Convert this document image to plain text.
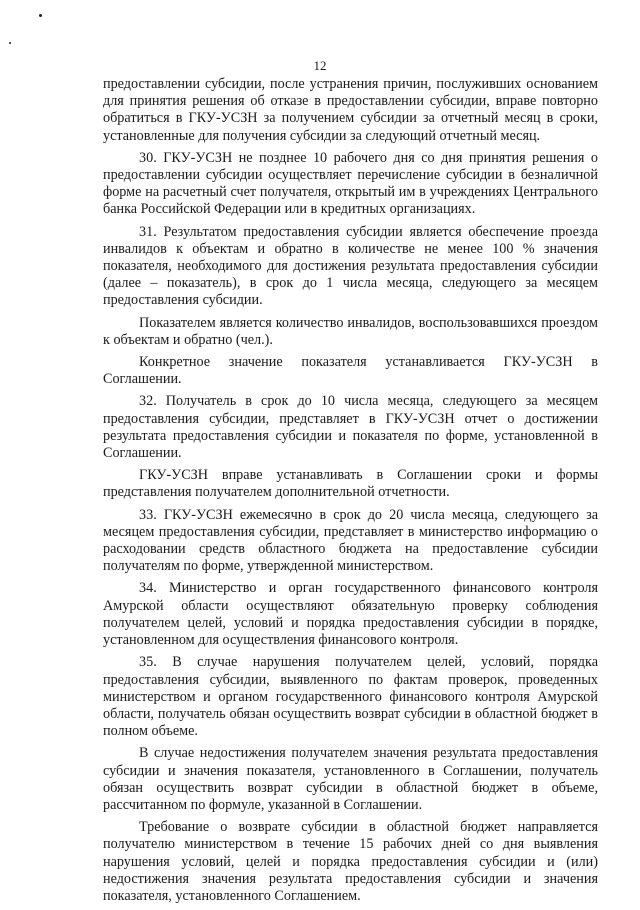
12

предоставлении субсидии, после устранения причин, послуживших основанием для принятия решения об отказе в предоставлении субсидии, вправе повторно обратиться в ГКУ-УСЗН за получением субсидии за отчетный месяц в сроки, установленные для получения субсидии за следующий отчетный месяц.

30. ГКУ-УСЗН не позднее 10 рабочего дня со дня принятия решения о предоставлении субсидии осуществляет перечисление субсидии в безналичной форме на расчетный счет получателя, открытый им в учреждениях Центрального банка Российской Федерации или в кредитных организациях.

31. Результатом предоставления субсидии является обеспечение проезда инвалидов к объектам и обратно в количестве не менее 100 % значения показателя, необходимого для достижения результата предоставления субсидии (далее – показатель), в срок до 1 числа месяца, следующего за месяцем предоставления субсидии.

Показателем является количество инвалидов, воспользовавшихся проездом к объектам и обратно (чел.).

Конкретное значение показателя устанавливается ГКУ-УСЗН в Соглашении.

32. Получатель в срок до 10 числа месяца, следующего за месяцем предоставления субсидии, представляет в ГКУ-УСЗН отчет о достижении результата предоставления субсидии и показателя по форме, установленной в Соглашении.

ГКУ-УСЗН вправе устанавливать в Соглашении сроки и формы представления получателем дополнительной отчетности.

33. ГКУ-УСЗН ежемесячно в срок до 20 числа месяца, следующего за месяцем предоставления субсидии, представляет в министерство информацию о расходовании средств областного бюджета на предоставление субсидии получателям по форме, утвержденной министерством.

34. Министерство и орган государственного финансового контроля Амурской области осуществляют обязательную проверку соблюдения получателем целей, условий и порядка предоставления субсидии в порядке, установленном для осуществления финансового контроля.

35. В случае нарушения получателем целей, условий, порядка предоставления субсидии, выявленного по фактам проверок, проведенных министерством и органом государственного финансового контроля Амурской области, получатель обязан осуществить возврат субсидии в областной бюджет в полном объеме.

В случае недостижения получателем значения результата предоставления субсидии и значения показателя, установленного в Соглашении, получатель обязан осуществить возврат субсидии в областной бюджет в объеме, рассчитанном по формуле, указанной в Соглашении.

Требование о возврате субсидии в областной бюджет направляется получателю министерством в течение 15 рабочих дней со дня выявления нарушения условий, целей и порядка предоставления субсидии и (или) недостижения значения результата предоставления субсидии и значения показателя, установленного Соглашением.
